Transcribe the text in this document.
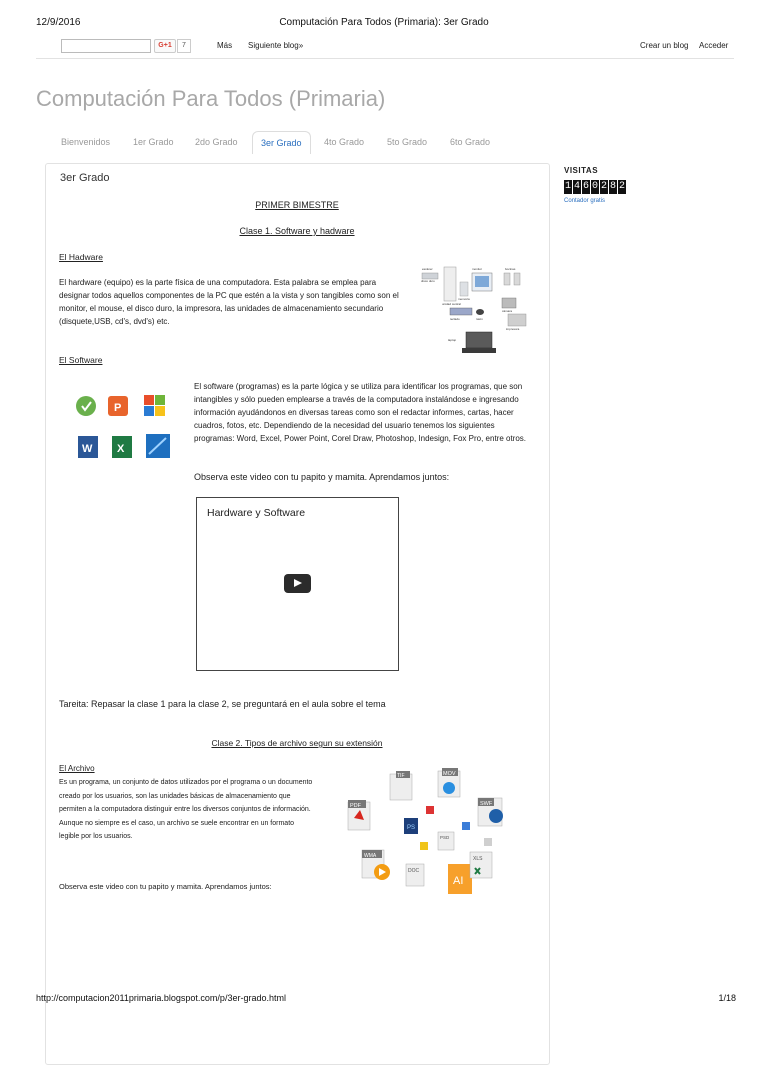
12/9/2016	Computación Para Todos (Primaria): 3er Grado
G+1	7	Más Siguiente blog»	Crear un blog Acceder
Computación Para Todos (Primaria)
Bienvenidos	1er Grado 2do Grado	3er Grado	4to Grado	5to Grado	6to Grado
3er Grado
PRIMER BIMESTRE
Clase 1. Software y hadware
El Hadware
El hardware (equipo) es la parte física de una computadora. Esta palabra se emplea para designar todos aquellos componentes de la PC que estén a la vista y son tangibles como son el monitor, el mouse, el disco duro, la impresora, las unidades de almacenamiento secundario (disquete,USB, cd's, dvd's) etc.
escáner	monitor	bocinas
disco duro
unidad central
memoria
teclado	ratón
impresora
laptop
cámara
El Software
P
W X
El software (programas) es la parte lógica y se utiliza para identificar los programas, que son intangibles y sólo pueden emplearse a través de la computadora instalándose e ingresando información ayudándonos en diversas tareas como son el redactar informes, cartas, hacer cuadros, fotos, etc. Dependiendo de la necesidad del usuario tenemos los siguientes programas: Word, Excel, Power Point, Corel Draw, Photoshop, Indesign, Fox Pro, entre otros.
Observa este video con tu papito y mamita. Aprendamos juntos:
Hardware y Software
Tareita: Repasar la clase 1 para la clase 2, se preguntará en el aula sobre el tema
Clase 2. Tipos de archivo segun su extensión
El Archivo
Es un programa, un conjunto de datos utilizados por el programa o un documento creado por los usuarios, son las unidades básicas de almacenamiento que permiten a la computadora distinguir entre los diversos conjuntos de información. Aunque no siempre es el caso, un archivo se suele encontrar en un formato legible por los usuarios.
TIF	MOV
PDF	SWF
PS
WMA
DOC
AI
XLS
PSD
Observa este video con tu papito y mamita. Aprendamos juntos:
VISITAS
1 4 6 0 2 8 2
Contador gratis
http://computacion2011primaria.blogspot.com/p/3er-grado.html	1/18
